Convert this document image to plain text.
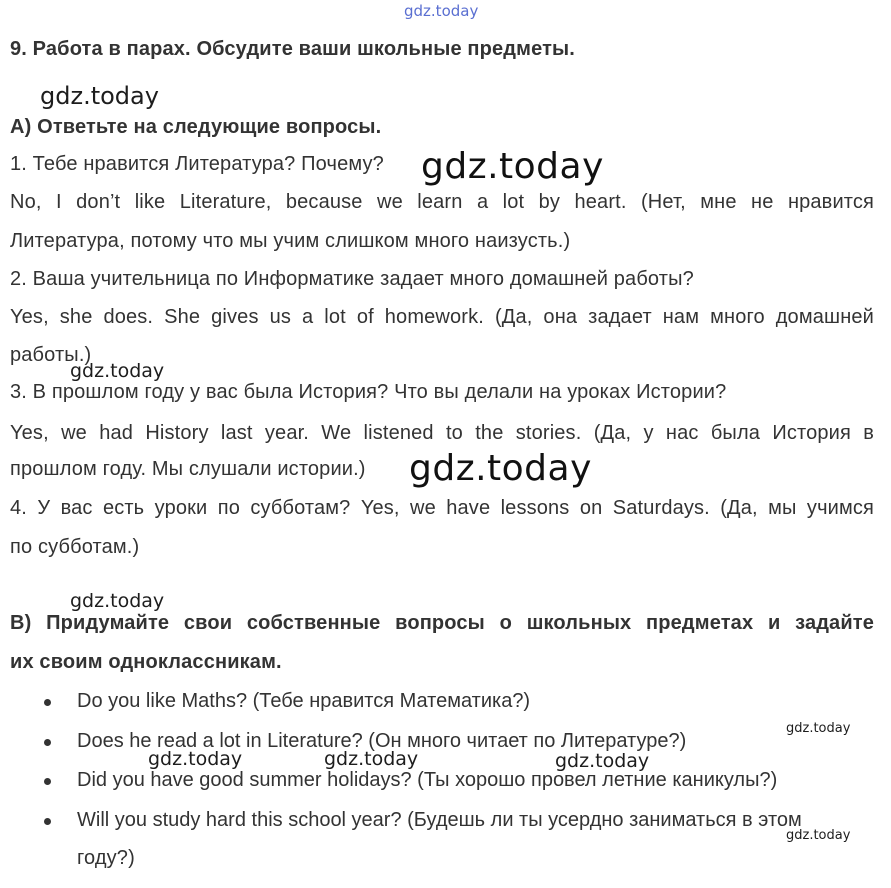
9. Работа в парах. Обсудите ваши школьные предметы.
A) Ответьте на следующие вопросы.
1. Тебе нравится Литература? Почему?
No, I don’t like Literature, because we learn a lot by heart. (Нет, мне не нравится
Литература, потому что мы учим слишком много наизусть.)
2. Ваша учительница по Информатике задает много домашней работы?
Yes, she does. She gives us a lot of homework. (Да, она задает нам много домашней
работы.)
3. В прошлом году у вас была История? Что вы делали на уроках Истории?
Yes, we had History last year. We listened to the stories. (Да, у нас была История в
прошлом году. Мы слушали истории.)
4. У вас есть уроки по субботам? Yes, we have lessons on Saturdays. (Да, мы учимся
по субботам.)
B) Придумайте свои собственные вопросы о школьных предметах и задайте
их своим одноклассникам.
Do you like Maths? (Тебе нравится Математика?)
Does he read a lot in Literature? (Он много читает по Литературе?)
Did you have good summer holidays? (Ты хорошо провел летние каникулы?)
Will you study hard this school year? (Будешь ли ты усердно заниматься в этом
году?)
gdz.today
gdz.today
gdz.today
gdz.today
gdz.today
gdz.today
gdz.today
gdz.today	gdz.today	gdz.today
gdz.today
